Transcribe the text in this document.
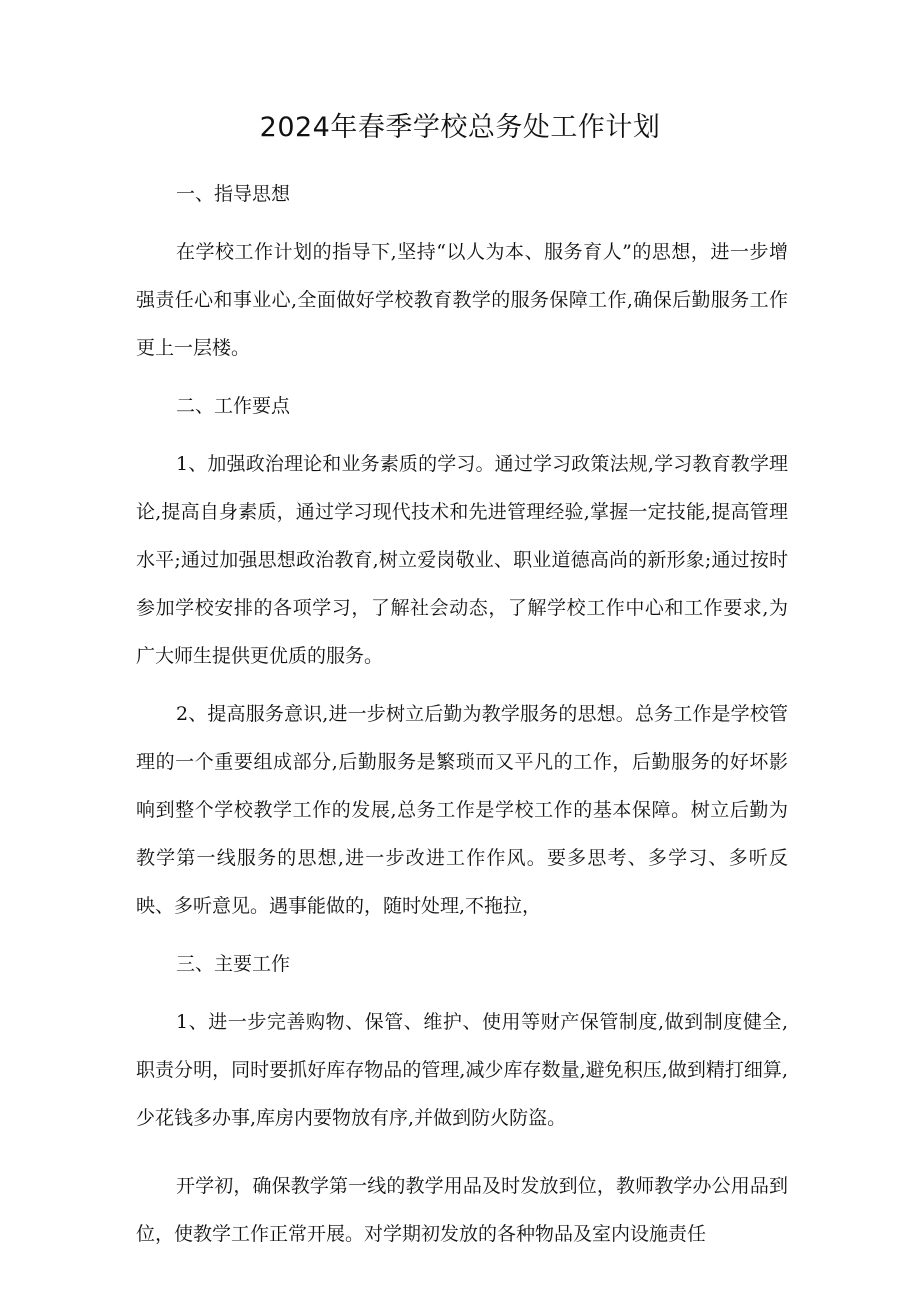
2024年春季学校总务处工作计划

一、指导思想

在学校工作计划的指导下,坚持“以人为本、服务育人”的思想，进一步增强责任心和事业心,全面做好学校教育教学的服务保障工作,确保后勤服务工作更上一层楼。

二、工作要点

1、加强政治理论和业务素质的学习。通过学习政策法规,学习教育教学理论,提高自身素质，通过学习现代技术和先进管理经验,掌握一定技能,提高管理水平;通过加强思想政治教育,树立爱岗敬业、职业道德高尚的新形象;通过按时参加学校安排的各项学习，了解社会动态，了解学校工作中心和工作要求,为广大师生提供更优质的服务。

2、提高服务意识,进一步树立后勤为教学服务的思想。总务工作是学校管理的一个重要组成部分,后勤服务是繁琐而又平凡的工作，后勤服务的好坏影响到整个学校教学工作的发展,总务工作是学校工作的基本保障。树立后勤为教学第一线服务的思想,进一步改进工作作风。要多思考、多学习、多听反映、多听意见。遇事能做的，随时处理,不拖拉，

三、主要工作

1、进一步完善购物、保管、维护、使用等财产保管制度,做到制度健全,职责分明，同时要抓好库存物品的管理,减少库存数量,避免积压,做到精打细算,少花钱多办事,库房内要物放有序,并做到防火防盗。

开学初，确保教学第一线的教学用品及时发放到位，教师教学办公用品到位，使教学工作正常开展。对学期初发放的各种物品及室内设施责任
